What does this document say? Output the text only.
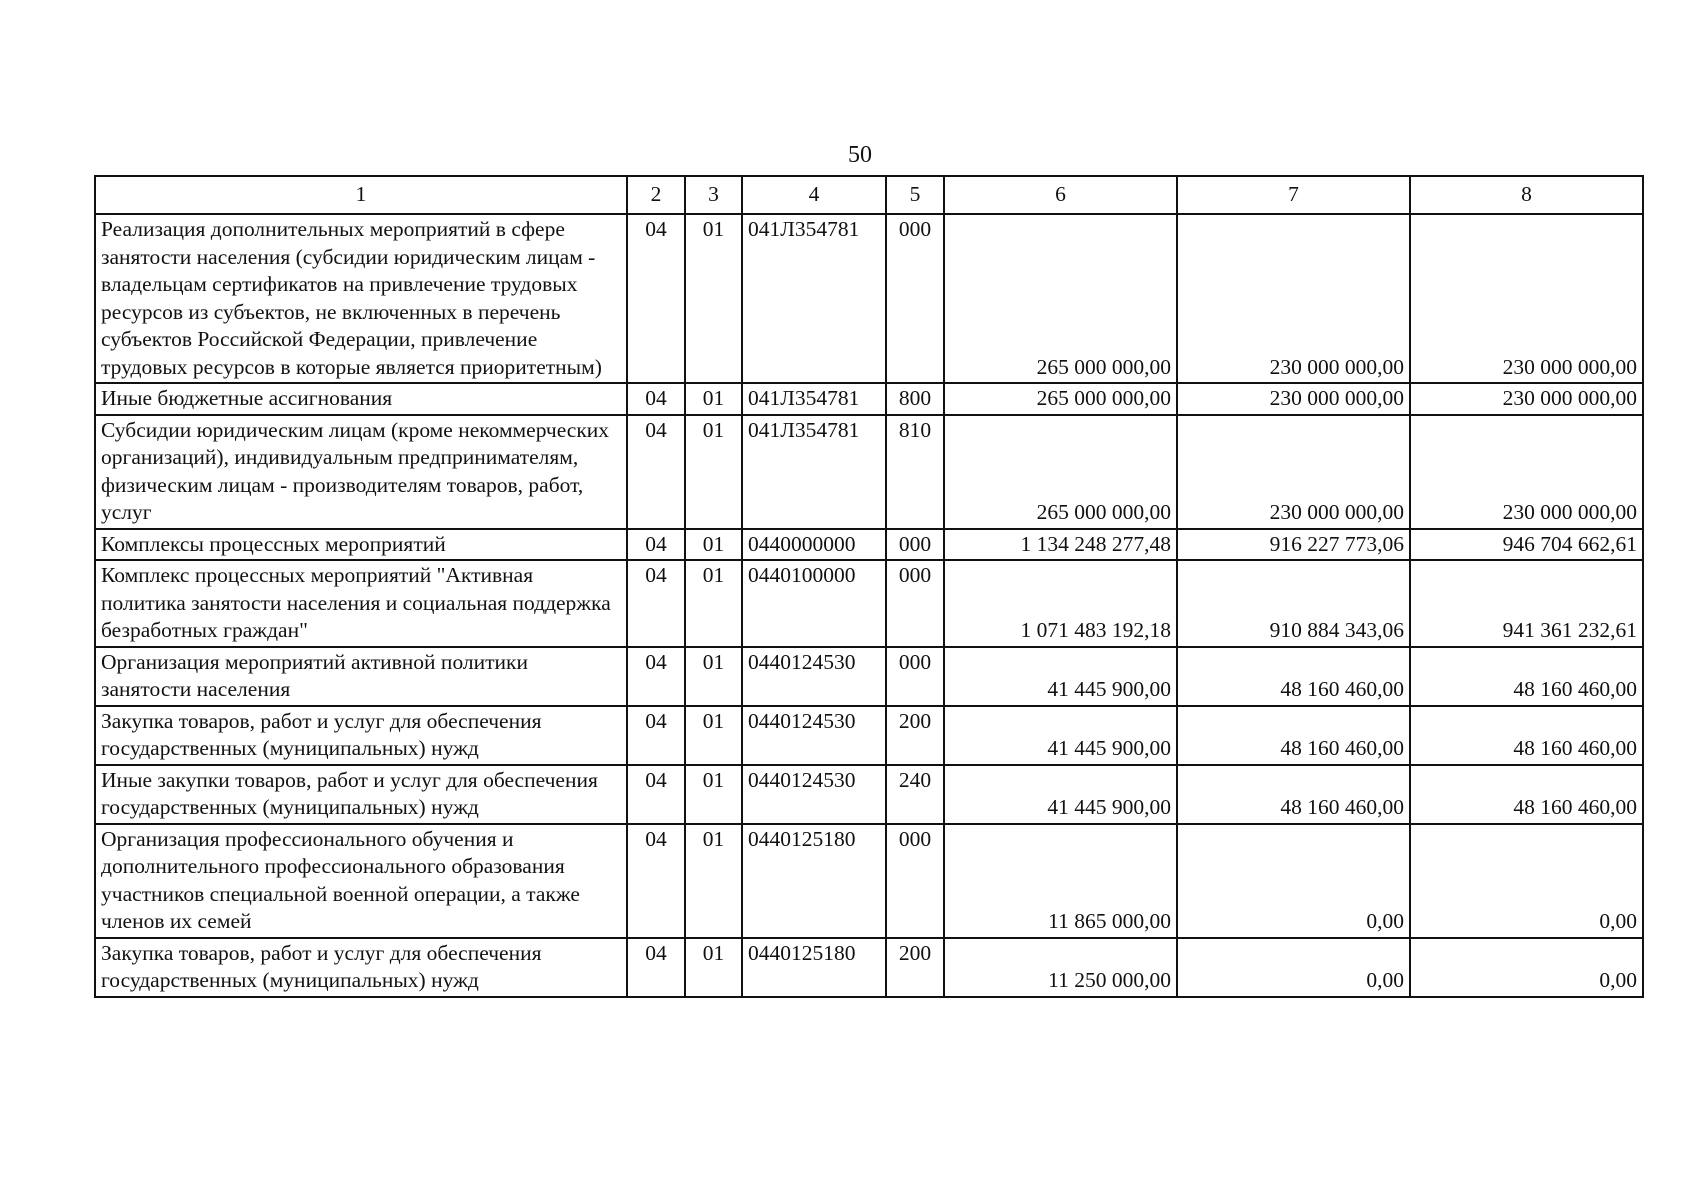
50
1	2	3	4	5	6	7	8
Реализация дополнительных мероприятий в сфере занятости населения (субсидии юридическим лицам - владельцам сертификатов на привлечение трудовых ресурсов из субъектов, не включенных в перечень субъектов Российской Федерации, привлечение трудовых ресурсов в которые является приоритетным)	04	01	041Л354781	000	265 000 000,00	230 000 000,00	230 000 000,00
Иные бюджетные ассигнования	04	01	041Л354781	800	265 000 000,00	230 000 000,00	230 000 000,00
Субсидии юридическим лицам (кроме некоммерческих организаций), индивидуальным предпринимателям, физическим лицам - производителям товаров, работ, услуг	04	01	041Л354781	810	265 000 000,00	230 000 000,00	230 000 000,00
Комплексы процессных мероприятий	04	01	0440000000	000	1 134 248 277,48	916 227 773,06	946 704 662,61
Комплекс процессных мероприятий "Активная политика занятости населения и социальная поддержка безработных граждан"	04	01	0440100000	000	1 071 483 192,18	910 884 343,06	941 361 232,61
Организация мероприятий активной политики занятости населения	04	01	0440124530	000	41 445 900,00	48 160 460,00	48 160 460,00
Закупка товаров, работ и услуг для обеспечения государственных (муниципальных) нужд	04	01	0440124530	200	41 445 900,00	48 160 460,00	48 160 460,00
Иные закупки товаров, работ и услуг для обеспечения государственных (муниципальных) нужд	04	01	0440124530	240	41 445 900,00	48 160 460,00	48 160 460,00
Организация профессионального обучения и дополнительного профессионального образования участников специальной военной операции, а также членов их семей	04	01	0440125180	000	11 865 000,00	0,00	0,00
Закупка товаров, работ и услуг для обеспечения государственных (муниципальных) нужд	04	01	0440125180	200	11 250 000,00	0,00	0,00
